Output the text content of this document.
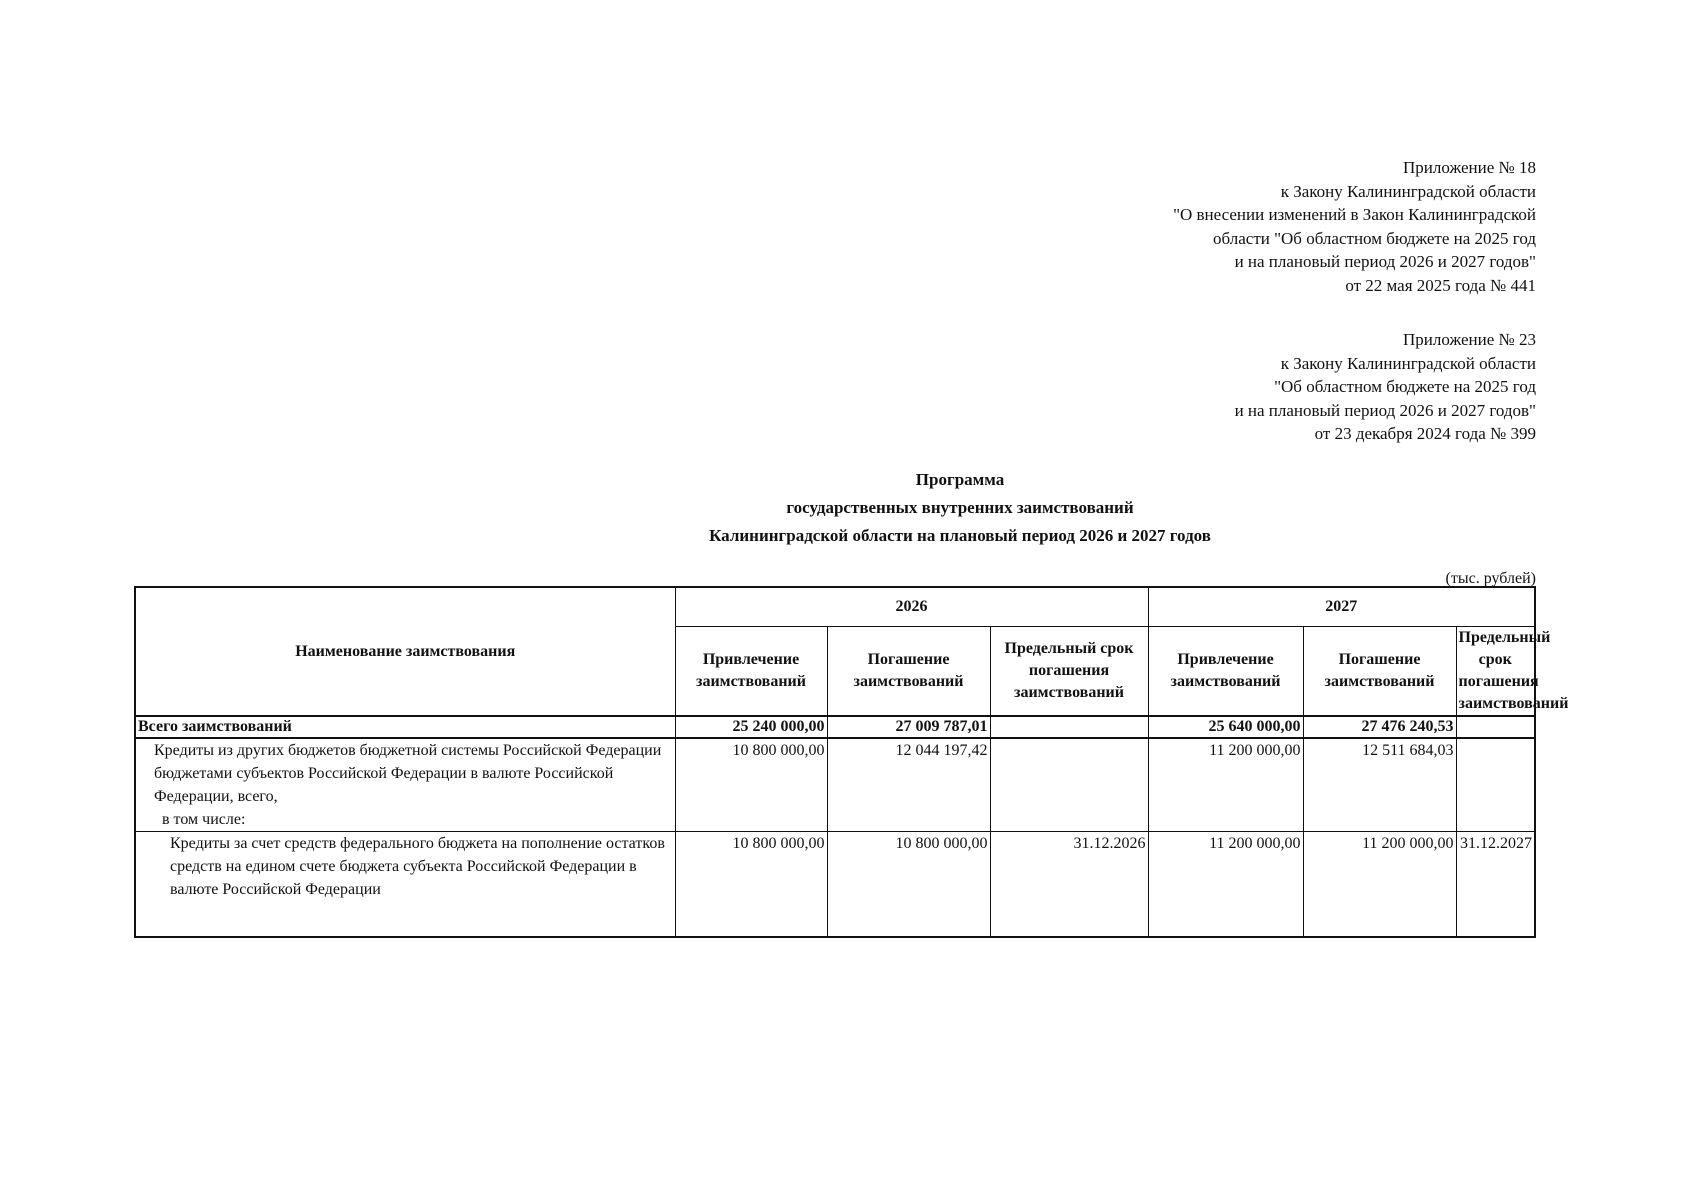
Приложение № 18
к Закону Калининградской области
"О внесении изменений в Закон Калининградской
области "Об областном бюджете на 2025 год
и на плановый период 2026 и 2027 годов"
от 22 мая 2025 года № 441
Приложение № 23
к Закону Калининградской области
"Об областном бюджете на 2025 год
и на плановый период 2026 и 2027 годов"
от 23 декабря 2024 года № 399
Программа
государственных внутренних заимствований
Калининградской области на плановый период 2026 и 2027 годов
(тыс. рублей)
Наименование заимствования	2026			2027		
	Привлечение заимствований	Погашение заимствований	Предельный срок погашения заимствований	Привлечение заимствований	Погашение заимствований	Предельный срок погашения заимствований
Всего заимствований	25 240 000,00	27 009 787,01		25 640 000,00	27 476 240,53	
Кредиты из других бюджетов бюджетной системы Российской Федерации бюджетами субъектов Российской Федерации в валюте Российской Федерации, всего,
в том числе:	10 800 000,00	12 044 197,42		11 200 000,00	12 511 684,03	
Кредиты за счет средств федерального бюджета на пополнение остатков средств на едином счете бюджета субъекта Российской Федерации в валюте Российской Федерации	10 800 000,00	10 800 000,00	31.12.2026	11 200 000,00	11 200 000,00	31.12.2027
